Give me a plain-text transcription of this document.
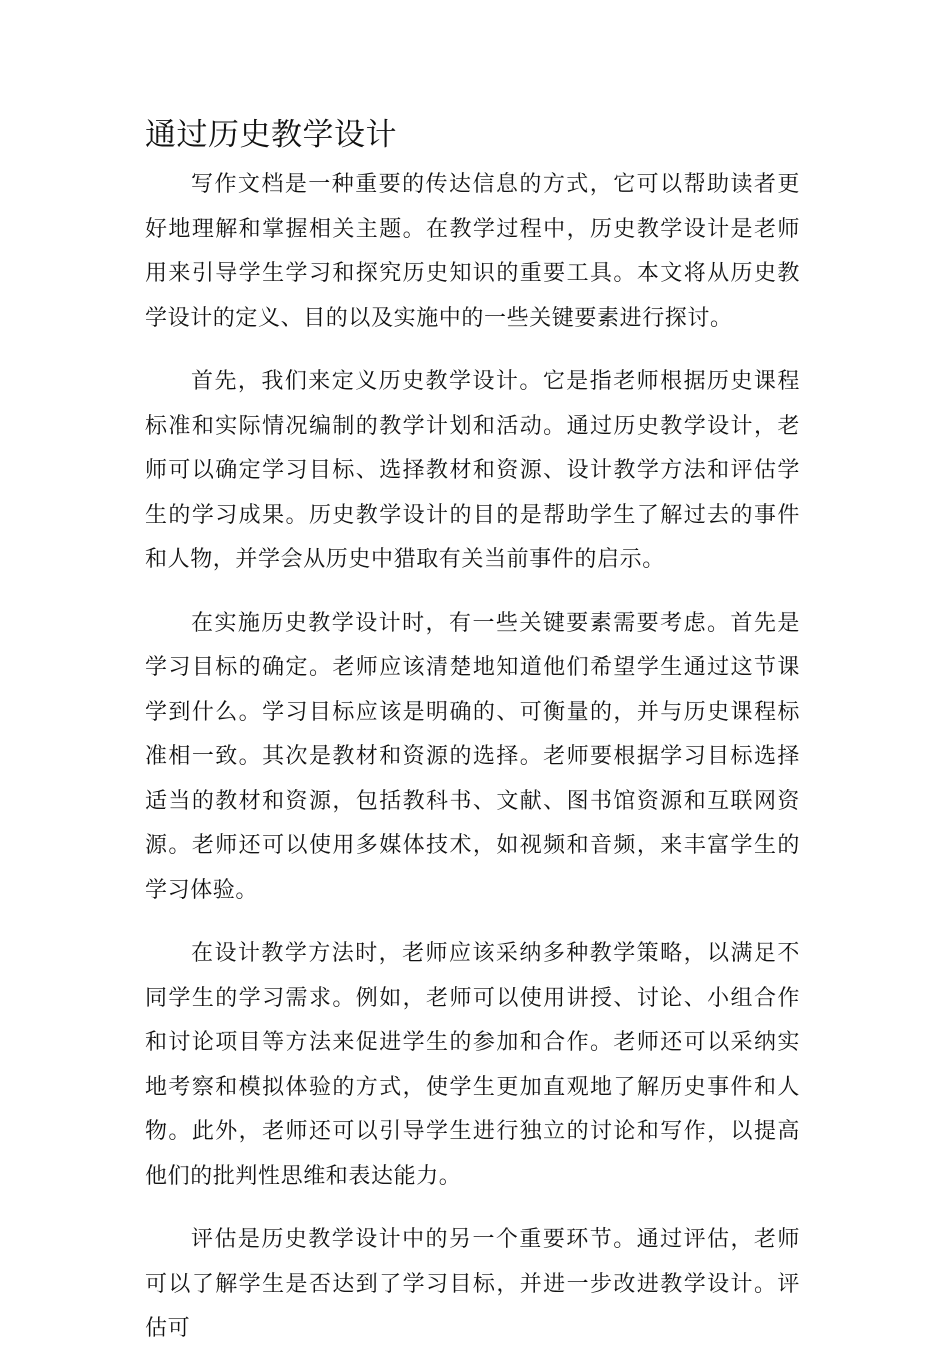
通过历史教学设计

写作文档是一种重要的传达信息的方式，它可以帮助读者更好地理解和掌握相关主题。在教学过程中，历史教学设计是老师用来引导学生学习和探究历史知识的重要工具。本文将从历史教学设计的定义、目的以及实施中的一些关键要素进行探讨。

首先，我们来定义历史教学设计。它是指老师根据历史课程标准和实际情况编制的教学计划和活动。通过历史教学设计，老师可以确定学习目标、选择教材和资源、设计教学方法和评估学生的学习成果。历史教学设计的目的是帮助学生了解过去的事件和人物，并学会从历史中猎取有关当前事件的启示。

在实施历史教学设计时，有一些关键要素需要考虑。首先是学习目标的确定。老师应该清楚地知道他们希望学生通过这节课学到什么。学习目标应该是明确的、可衡量的，并与历史课程标准相一致。其次是教材和资源的选择。老师要根据学习目标选择适当的教材和资源，包括教科书、文献、图书馆资源和互联网资源。老师还可以使用多媒体技术，如视频和音频，来丰富学生的学习体验。

在设计教学方法时，老师应该采纳多种教学策略，以满足不同学生的学习需求。例如，老师可以使用讲授、讨论、小组合作和讨论项目等方法来促进学生的参加和合作。老师还可以采纳实地考察和模拟体验的方式，使学生更加直观地了解历史事件和人物。此外，老师还可以引导学生进行独立的讨论和写作，以提高他们的批判性思维和表达能力。

评估是历史教学设计中的另一个重要环节。通过评估，老师可以了解学生是否达到了学习目标，并进一步改进教学设计。评估可
